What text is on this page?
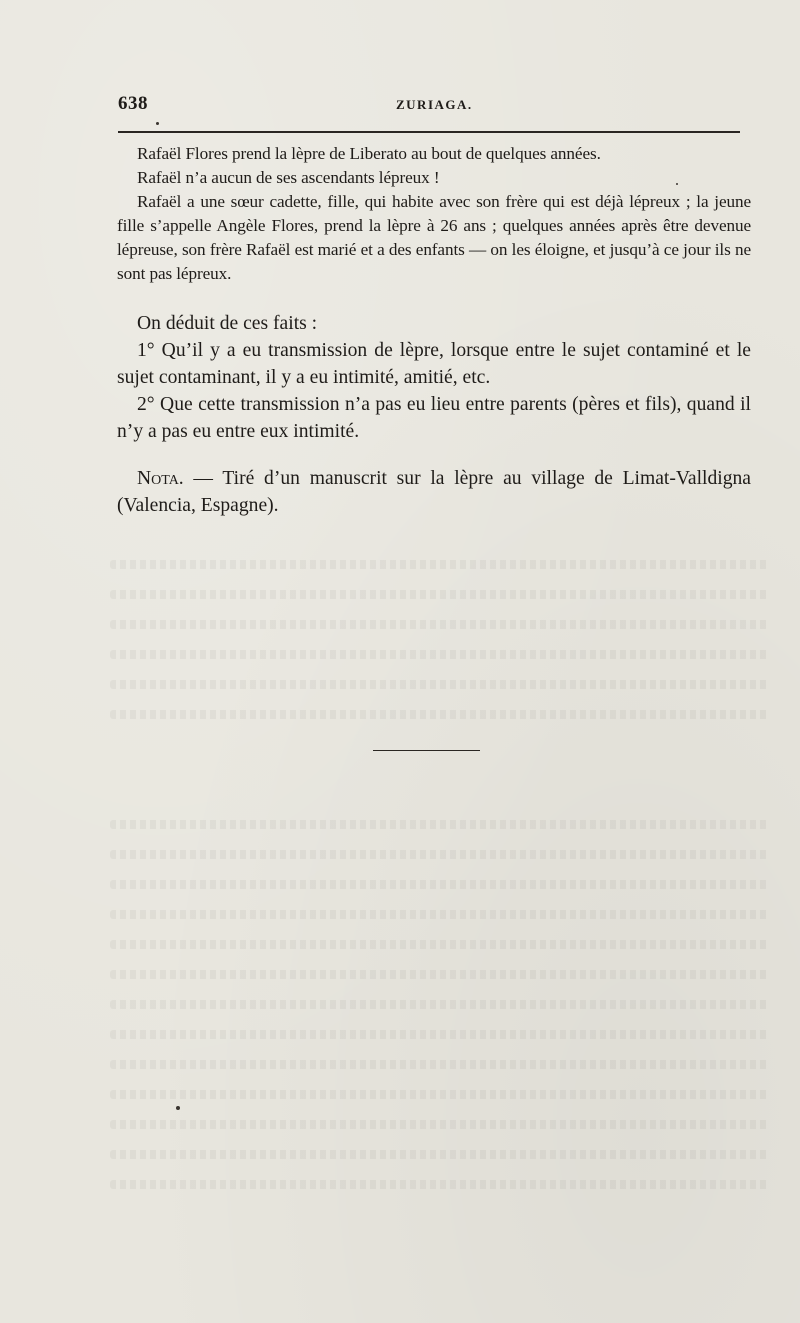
638	ZURIAGA.

Rafaël Flores prend la lèpre de Liberato au bout de quelques années.

Rafaël n’a aucun de ses ascendants lépreux !

Rafaël a une sœur cadette, fille, qui habite avec son frère qui est déjà lépreux ; la jeune fille s’appelle Angèle Flores, prend la lèpre à 26 ans ; quelques années après être devenue lépreuse, son frère Rafaël est marié et a des enfants — on les éloigne, et jusqu’à ce jour ils ne sont pas lépreux.

On déduit de ces faits :

1° Qu’il y a eu transmission de lèpre, lorsque entre le sujet contaminé et le sujet contaminant, il y a eu intimité, amitié, etc.

2° Que cette transmission n’a pas eu lieu entre parents (pères et fils), quand il n’y a pas eu entre eux intimité.

Nota. — Tiré d’un manuscrit sur la lèpre au village de Limat-Valldigna (Valencia, Espagne).
